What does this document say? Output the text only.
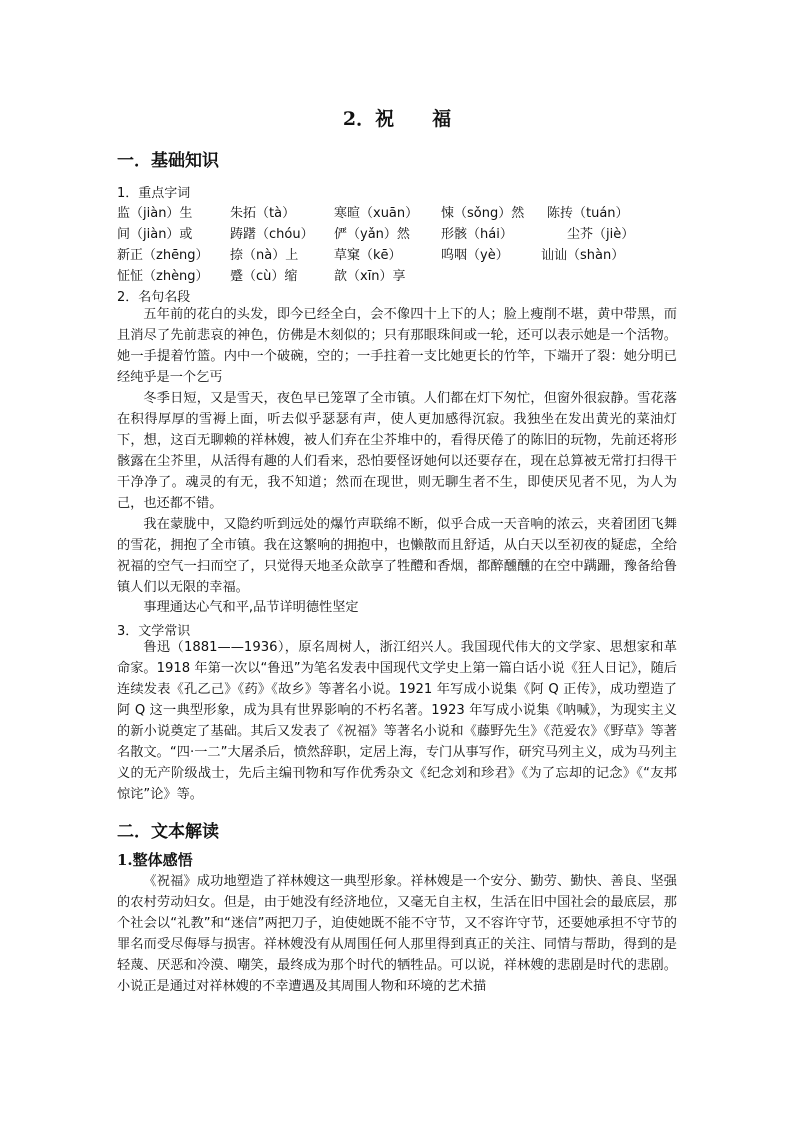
2．祝　　福
一．基础知识
1．重点字词
监（jiàn）生	朱拓（tà）	寒暄（xuān） 悚（sǒng）然 陈抟（tuán）
间（jiàn）或	踌躇（chóu） 俨（yǎn）然 形骸（hái）	尘芥（jiè）
新正（zhēng） 捺（nà）上	草窠（kē）	呜咽（yè） 讪讪（shàn）
怔怔（zhèng） 蹙（cù）缩	歆（xīn）享
2．名句名段

五年前的花白的头发，即今已经全白，会不像四十上下的人；脸上瘦削不堪，黄中带黑，而且消尽了先前悲哀的神色，仿佛是木刻似的；只有那眼珠间或一轮，还可以表示她是一个活物。她一手提着竹篮。内中一个破碗，空的；一手拄着一支比她更长的竹竿，下端开了裂：她分明已经纯乎是一个乞丐

冬季日短，又是雪天，夜色早已笼罩了全市镇。人们都在灯下匆忙，但窗外很寂静。雪花落在积得厚厚的雪褥上面，听去似乎瑟瑟有声，使人更加感得沉寂。我独坐在发出黄光的菜油灯下，想，这百无聊赖的祥林嫂，被人们弃在尘芥堆中的，看得厌倦了的陈旧的玩物，先前还将形骸露在尘芥里，从活得有趣的人们看来，恐怕要怪讶她何以还要存在，现在总算被无常打扫得干干净净了。魂灵的有无，我不知道；然而在现世，则无聊生者不生，即使厌见者不见，为人为己，也还都不错。

我在蒙胧中，又隐约听到远处的爆竹声联绵不断，似乎合成一天音响的浓云，夹着团团飞舞的雪花，拥抱了全市镇。我在这繁响的拥抱中，也懒散而且舒适，从白天以至初夜的疑虑，全给祝福的空气一扫而空了，只觉得天地圣众歆享了牲醴和香烟，都醉醺醺的在空中蹒跚，豫备给鲁镇人们以无限的幸福。

事理通达心气和平,品节详明德性坚定

3．文学常识

鲁迅（1881——1936），原名周树人，浙江绍兴人。我国现代伟大的文学家、思想家和革命家。1918 年第一次以“鲁迅”为笔名发表中国现代文学史上第一篇白话小说《狂人日记》，随后连续发表《孔乙己》《药》《故乡》等著名小说。1921 年写成小说集《阿 Q 正传》，成功塑造了阿 Q 这一典型形象，成为具有世界影响的不朽名著。1923 年写成小说集《呐喊》，为现实主义的新小说奠定了基础。其后又发表了《祝福》等著名小说和《藤野先生》《范爱农》《野草》等著名散文。“四·一二”大屠杀后，愤然辞职，定居上海，专门从事写作，研究马列主义，成为马列主义的无产阶级战士，先后主编刊物和写作优秀杂文《纪念刘和珍君》《为了忘却的记念》《“友邦惊诧”论》等。

二．文本解读
1.整体感悟

《祝福》成功地塑造了祥林嫂这一典型形象。祥林嫂是一个安分、勤劳、勤快、善良、坚强的农村劳动妇女。但是，由于她没有经济地位，又毫无自主权，生活在旧中国社会的最底层，那个社会以“礼教”和“迷信”两把刀子，迫使她既不能不守节，又不容许守节，还要她承担不守节的罪名而受尽侮辱与损害。祥林嫂没有从周围任何人那里得到真正的关注、同情与帮助，得到的是轻蔑、厌恶和冷漠、嘲笑，最终成为那个时代的牺牲品。可以说，祥林嫂的悲剧是时代的悲剧。小说正是通过对祥林嫂的不幸遭遇及其周围人物和环境的艺术描
